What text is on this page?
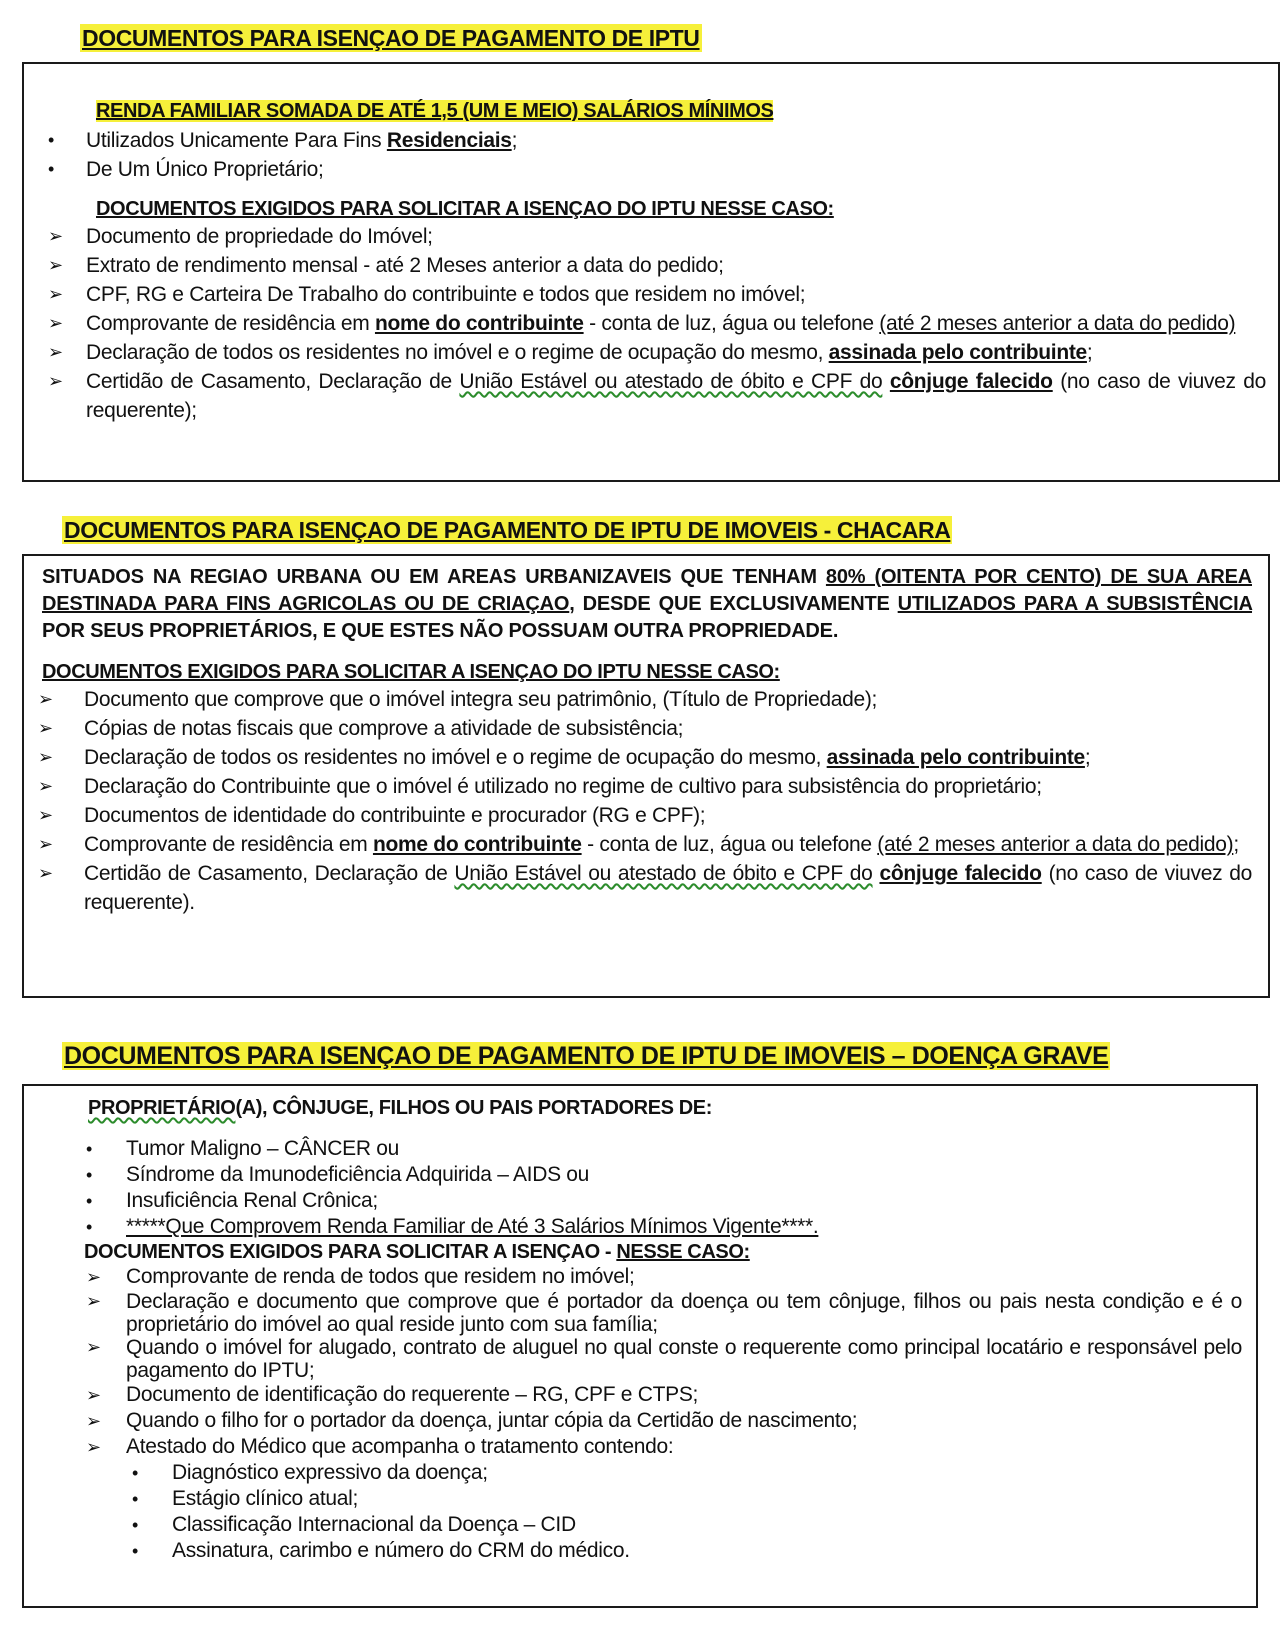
DOCUMENTOS PARA ISENÇAO DE PAGAMENTO DE IPTU
RENDA FAMILIAR SOMADA DE ATÉ 1,5 (UM E MEIO) SALÁRIOS MÍNIMOS
• Utilizados Unicamente Para Fins Residenciais;
• De Um Único Proprietário;
DOCUMENTOS EXIGIDOS PARA SOLICITAR A ISENÇAO DO IPTU NESSE CASO:
➢ Documento de propriedade do Imóvel;
➢ Extrato de rendimento mensal - até 2 Meses anterior a data do pedido;
➢ CPF, RG e Carteira De Trabalho do contribuinte e todos que residem no imóvel;
➢ Comprovante de residência em nome do contribuinte - conta de luz, água ou telefone (até 2 meses anterior a data do pedido)
➢ Declaração de todos os residentes no imóvel e o regime de ocupação do mesmo, assinada pelo contribuinte;
➢ Certidão de Casamento, Declaração de União Estável ou atestado de óbito e CPF do cônjuge falecido (no caso de viuvez do requerente);
DOCUMENTOS PARA ISENÇAO DE PAGAMENTO DE IPTU DE IMOVEIS - CHACARA
SITUADOS NA REGIAO URBANA OU EM AREAS URBANIZAVEIS QUE TENHAM 80% (OITENTA POR CENTO) DE SUA AREA DESTINADA PARA FINS AGRICOLAS OU DE CRIAÇAO, DESDE QUE EXCLUSIVAMENTE UTILIZADOS PARA A SUBSISTÊNCIA POR SEUS PROPRIETÁRIOS, E QUE ESTES NÃO POSSUAM OUTRA PROPRIEDADE.
DOCUMENTOS EXIGIDOS PARA SOLICITAR A ISENÇAO DO IPTU NESSE CASO:
➢ Documento que comprove que o imóvel integra seu patrimônio, (Título de Propriedade);
➢ Cópias de notas fiscais que comprove a atividade de subsistência;
➢ Declaração de todos os residentes no imóvel e o regime de ocupação do mesmo, assinada pelo contribuinte;
➢ Declaração do Contribuinte que o imóvel é utilizado no regime de cultivo para subsistência do proprietário;
➢ Documentos de identidade do contribuinte e procurador (RG e CPF);
➢ Comprovante de residência em nome do contribuinte - conta de luz, água ou telefone (até 2 meses anterior a data do pedido);
➢ Certidão de Casamento, Declaração de União Estável ou atestado de óbito e CPF do cônjuge falecido (no caso de viuvez do requerente).
DOCUMENTOS PARA ISENÇAO DE PAGAMENTO DE IPTU DE IMOVEIS – DOENÇA GRAVE
PROPRIETÁRIO(A), CÔNJUGE, FILHOS OU PAIS PORTADORES DE:
• Tumor Maligno – CÂNCER ou
• Síndrome da Imunodeficiência Adquirida – AIDS ou
• Insuficiência Renal Crônica;
• *****Que Comprovem Renda Familiar de Até 3 Salários Mínimos Vigente****.
DOCUMENTOS EXIGIDOS PARA SOLICITAR A ISENÇAO - NESSE CASO:
➢ Comprovante de renda de todos que residem no imóvel;
➢ Declaração e documento que comprove que é portador da doença ou tem cônjuge, filhos ou pais nesta condição e é o proprietário do imóvel ao qual reside junto com sua família;
➢ Quando o imóvel for alugado, contrato de aluguel no qual conste o requerente como principal locatário e responsável pelo pagamento do IPTU;
➢ Documento de identificação do requerente – RG, CPF e CTPS;
➢ Quando o filho for o portador da doença, juntar cópia da Certidão de nascimento;
➢ Atestado do Médico que acompanha o tratamento contendo:
• Diagnóstico expressivo da doença;
• Estágio clínico atual;
• Classificação Internacional da Doença – CID
• Assinatura, carimbo e número do CRM do médico.
